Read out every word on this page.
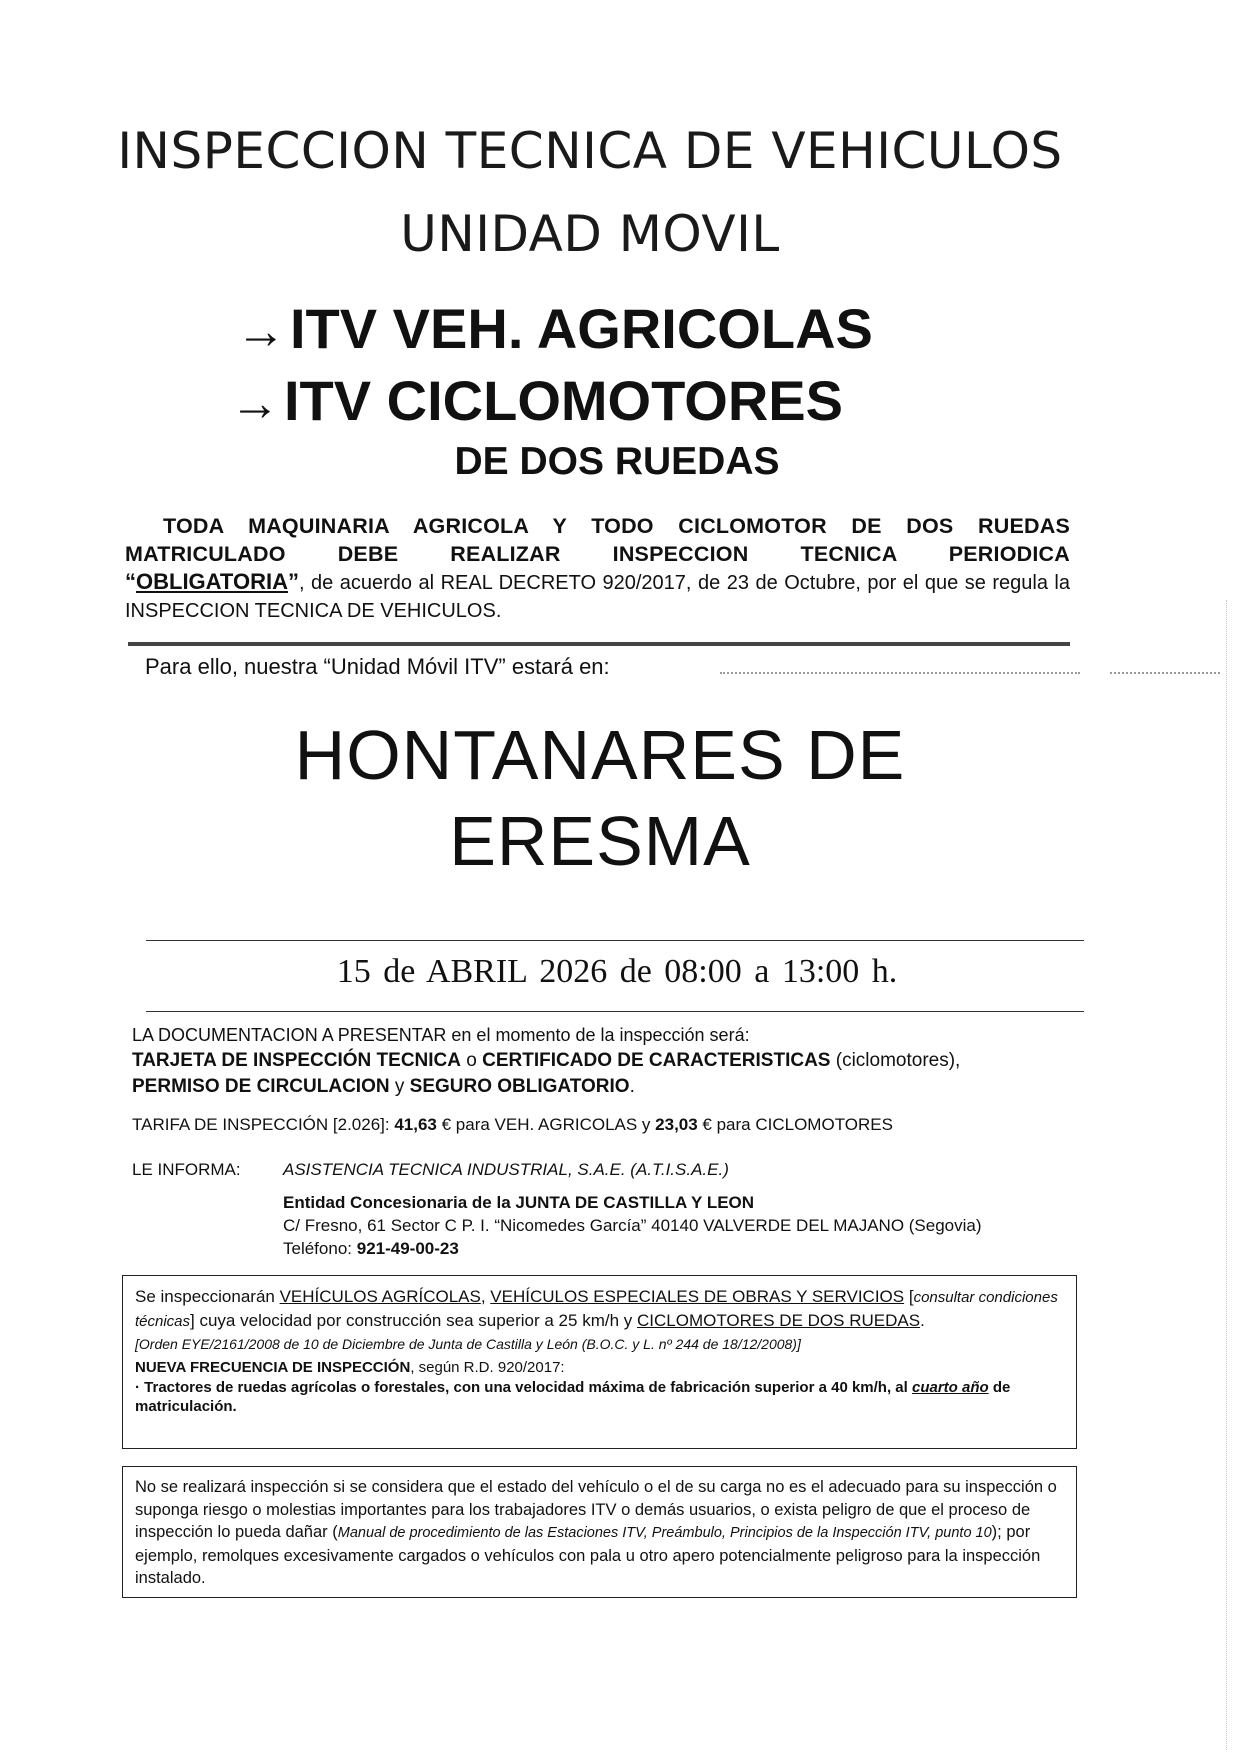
INSPECCION TECNICA DE VEHICULOS
UNIDAD MOVIL
→ITV VEH. AGRICOLAS
→ITV CICLOMOTORES
DE DOS RUEDAS
TODA MAQUINARIA AGRICOLA Y TODO CICLOMOTOR DE DOS RUEDAS
MATRICULADO DEBE REALIZAR INSPECCION TECNICA PERIODICA
“OBLIGATORIA”, de acuerdo al REAL DECRETO 920/2017, de 23 de Octubre, por el que se regula la INSPECCION TECNICA DE VEHICULOS.
Para ello, nuestra “Unidad Móvil ITV” estará en:
HONTANARES DE
ERESMA
15 de ABRIL 2026 de 08:00 a 13:00 h.
LA DOCUMENTACION A PRESENTAR en el momento de la inspección será:
TARJETA DE INSPECCIÓN TECNICA o CERTIFICADO DE CARACTERISTICAS (ciclomotores),
PERMISO DE CIRCULACION y SEGURO OBLIGATORIO.
TARIFA DE INSPECCIÓN [2.026]: 41,63 € para VEH. AGRICOLAS y 23,03 € para CICLOMOTORES
LE INFORMA: ASISTENCIA TECNICA INDUSTRIAL, S.A.E. (A.T.I.S.A.E.)
Entidad Concesionaria de la JUNTA DE CASTILLA Y LEON
C/ Fresno, 61 Sector C P. I. “Nicomedes García” 40140 VALVERDE DEL MAJANO (Segovia)
Teléfono: 921-49-00-23

Se inspeccionarán VEHÍCULOS AGRÍCOLAS, VEHÍCULOS ESPECIALES DE OBRAS Y SERVICIOS [consultar condiciones técnicas] cuya velocidad por construcción sea superior a 25 km/h y CICLOMOTORES DE DOS RUEDAS.

[Orden EYE/2161/2008 de 10 de Diciembre de Junta de Castilla y León (B.O.C. y L. nº 244 de 18/12/2008)]

NUEVA FRECUENCIA DE INSPECCIÓN, según R.D. 920/2017:

· Tractores de ruedas agrícolas o forestales, con una velocidad máxima de fabricación superior a 40 km/h, al cuarto año de matriculación.

No se realizará inspección si se considera que el estado del vehículo o el de su carga no es el adecuado para su inspección o suponga riesgo o molestias importantes para los trabajadores ITV o demás usuarios, o exista peligro de que el proceso de inspección lo pueda dañar (Manual de procedimiento de las Estaciones ITV, Preámbulo, Principios de la Inspección ITV, punto 10); por ejemplo, remolques excesivamente cargados o vehículos con pala u otro apero potencialmente peligroso para la inspección instalado.
